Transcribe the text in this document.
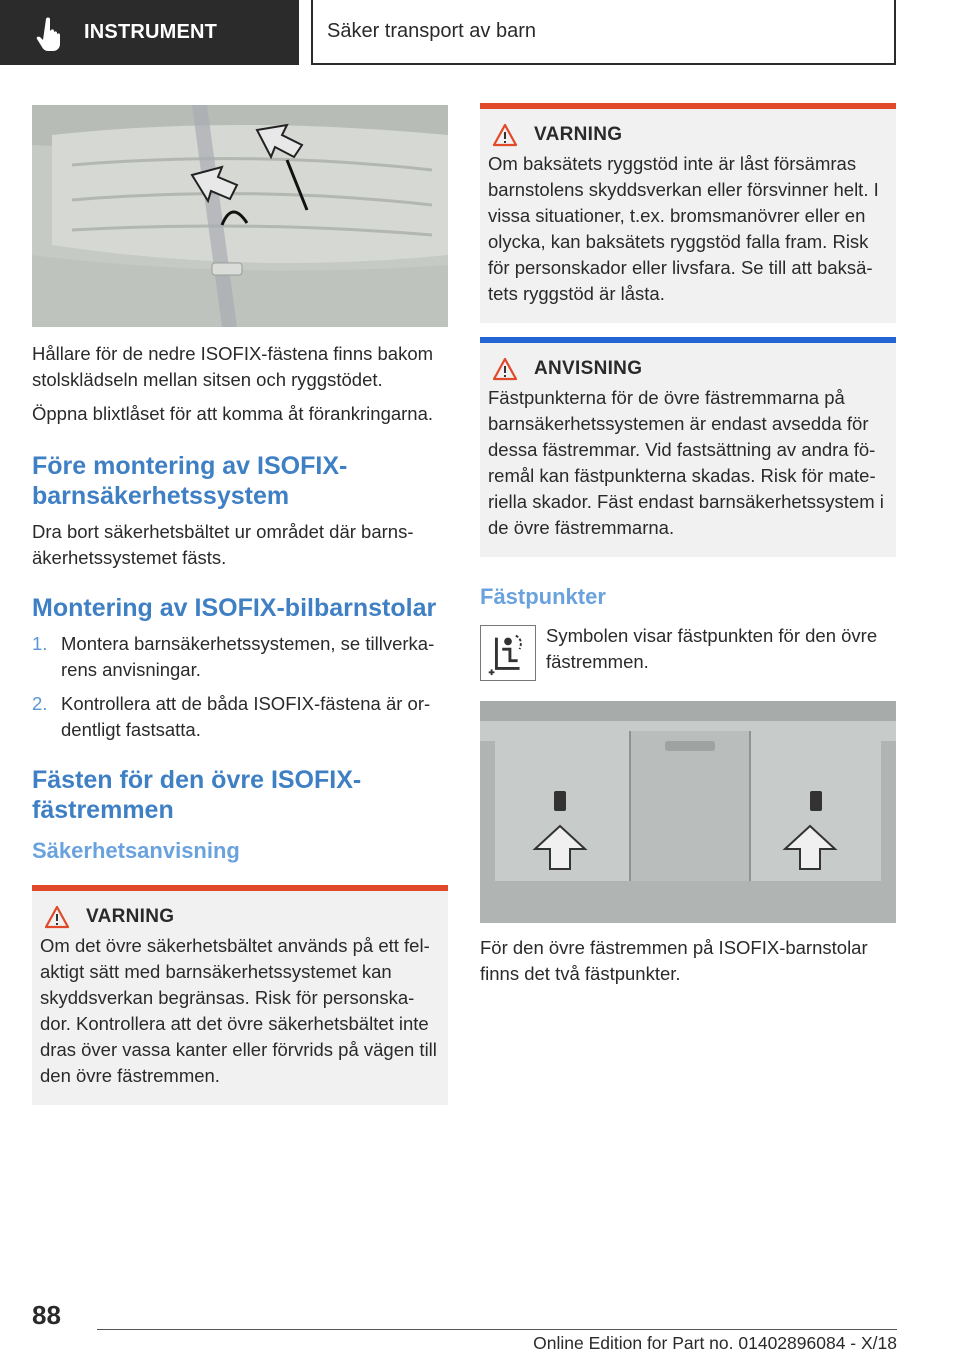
INSTRUMENT	Säker transport av barn

Hållare för de nedre ISOFIX-fästena finns bakom stolsklädseln mellan sitsen och ryggstödet.

Öppna blixtlåset för att komma åt förankringarna.

Före montering av ISOFIX-barnsäkerhetssystem

Dra bort säkerhetsbältet ur området där barns-äkerhetssystemet fästs.

Montering av ISOFIX-bilbarnstolar
1. Montera barnsäkerhetssystemen, se tillverka-rens anvisningar.
2. Kontrollera att de båda ISOFIX-fästena är or-dentligt fastsatta.
Fästen för den övre ISOFIX-fästremmen
Säkerhetsanvisning
VARNING

Om det övre säkerhetsbältet används på ett fel-aktigt sätt med barnsäkerhetssystemet kan skyddsverkan begränsas. Risk för personska-dor. Kontrollera att det övre säkerhetsbältet inte dras över vassa kanter eller förvrids på vägen till den övre fästremmen.

VARNING

Om baksätets ryggstöd inte är låst försämras barnstolens skyddsverkan eller försvinner helt. I vissa situationer, t.ex. bromsmanövrer eller en olycka, kan baksätets ryggstöd falla fram. Risk för personskador eller livsfara. Se till att baksä-tets ryggstöd är låsta.

ANVISNING

Fästpunkterna för de övre fästremmarna på barnsäkerhetssystemen är endast avsedda för dessa fästremmar. Vid fastsättning av andra fö-remål kan fästpunkterna skadas. Risk för mate-riella skador. Fäst endast barnsäkerhetssystem i de övre fästremmarna.

Fästpunkter

Symbolen visar fästpunkten för den övre fästremmen.

För den övre fästremmen på ISOFIX-barnstolar finns det två fästpunkter.

88
Online Edition for Part no. 01402896084 - X/18
